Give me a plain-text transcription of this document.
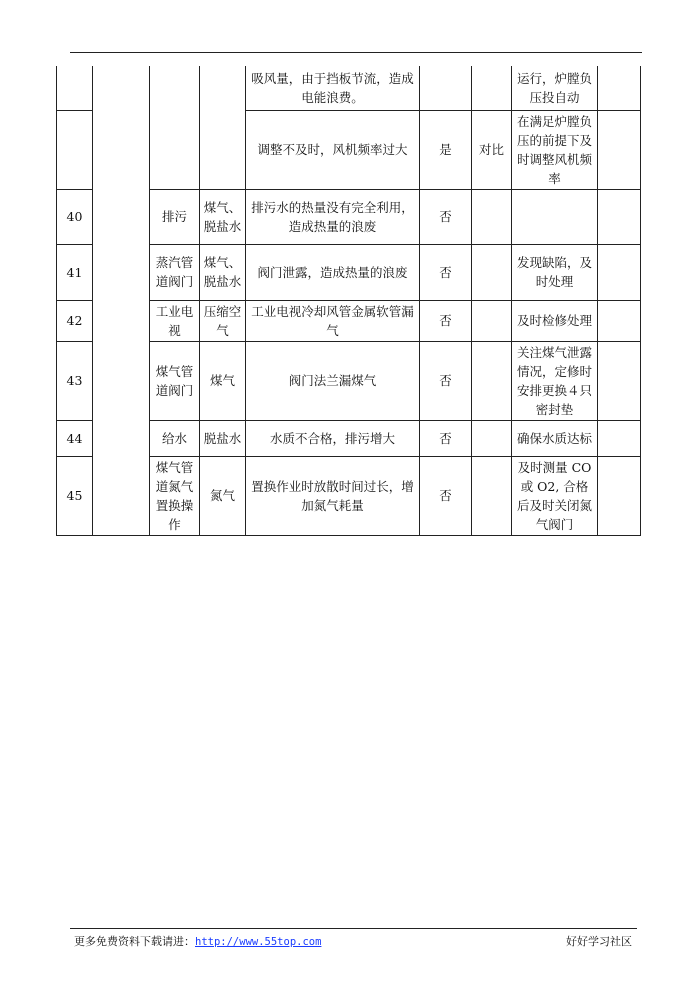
				吸风量，由于挡板节流，造成电能浪费。			运行，炉膛负压投自动	
				调整不及时，风机频率过大	是	对比	在满足炉膛负压的前提下及时调整风机频率	
40		排污	煤气、脱盐水	排污水的热量没有完全利用，造成热量的浪废	否			
41		蒸汽管道阀门	煤气、脱盐水	阀门泄露，造成热量的浪废	否		发现缺陷，及时处理	
42		工业电视	压缩空气	工业电视冷却风管金属软管漏气	否		及时检修处理	
43		煤气管道阀门	煤气	阀门法兰漏煤气	否		关注煤气泄露情况，定修时安排更换４只密封垫	
44		给水	脱盐水	水质不合格，排污增大	否		确保水质达标	
45		煤气管道氮气置换操作	氮气	置换作业时放散时间过长，增加氮气耗量	否		及时测量 CO 或 O2, 合格后及时关闭氮气阀门	
更多免费资料下载请进：http://www.55top.com	好好学习社区
